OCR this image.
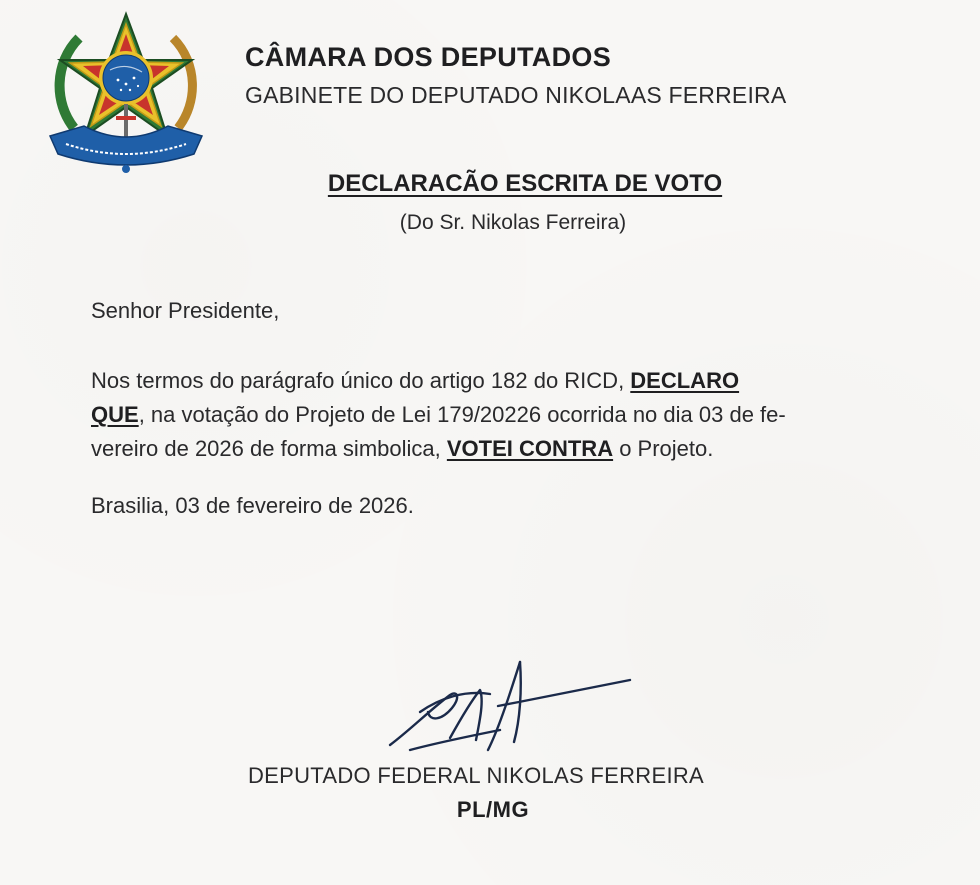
CÂMARA DOS DEPUTADOS
GABINETE DO DEPUTADO NIKOLAAS FERREIRA
DECLARACÃO ESCRITA DE VOTO
(Do Sr. Nikolas Ferreira)
Senhor Presidente,
Nos termos do parágrafo único do artigo 182 do RICD, DECLARO
QUE, na votação do Projeto de Lei 179/20226 ocorrida no dia 03 de fe-
vereiro de 2026 de forma simbolica, VOTEI CONTRA o Projeto.
Brasilia, 03 de fevereiro de 2026.
DEPUTADO FEDERAL NIKOLAS FERREIRA
PL/MG
